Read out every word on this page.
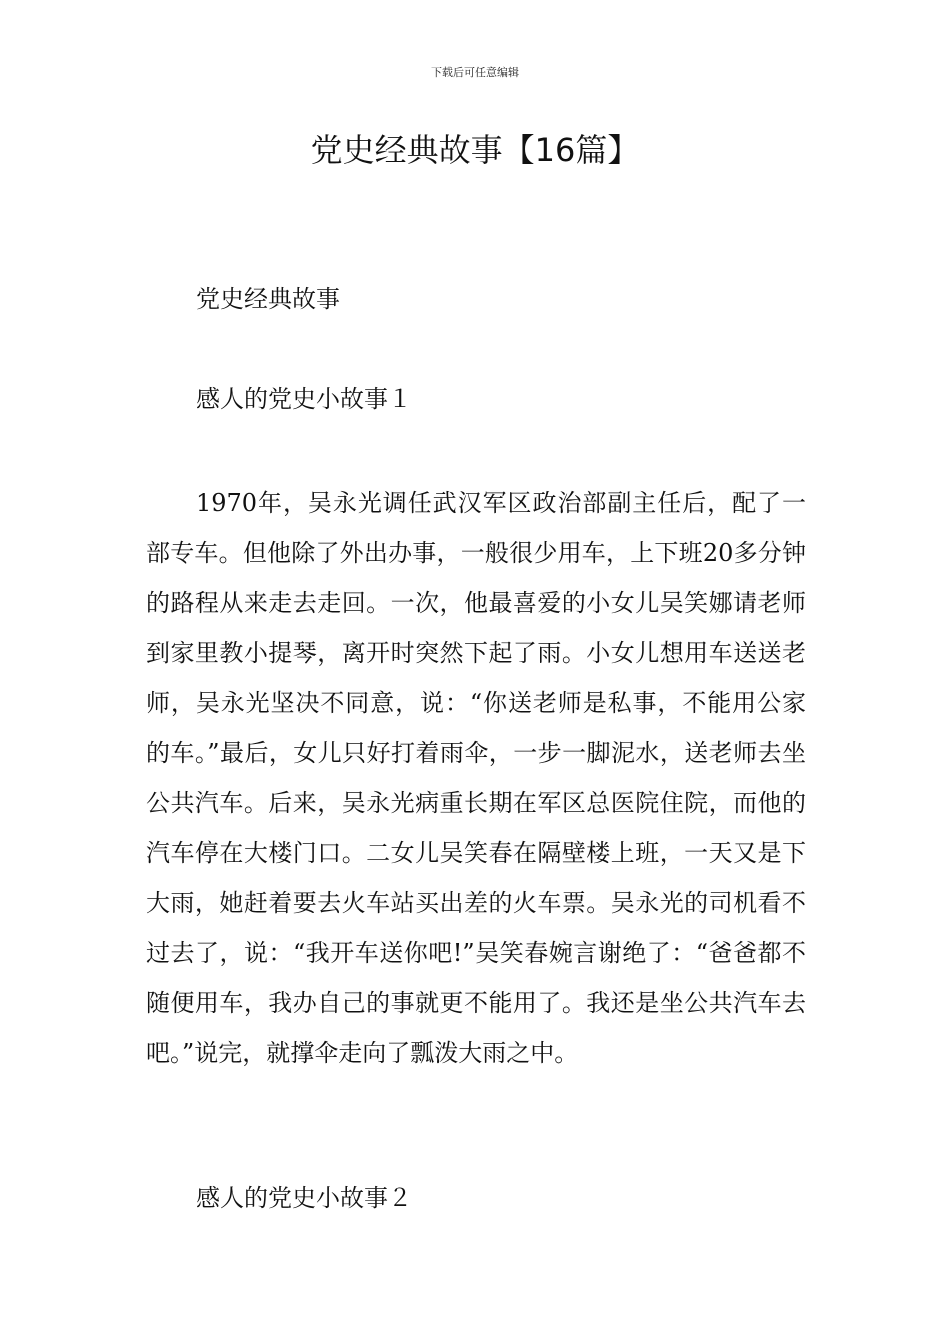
下载后可任意编辑
党史经典故事【16篇】
党史经典故事
感人的党史小故事１

1970年，吴永光调任武汉军区政治部副主任后，配了一部专车。但他除了外出办事，一般很少用车，上下班20多分钟的路程从来走去走回。一次，他最喜爱的小女儿吴笑娜请老师到家里教小提琴，离开时突然下起了雨。小女儿想用车送送老师，吴永光坚决不同意，说：“你送老师是私事，不能用公家的车。”最后，女儿只好打着雨伞，一步一脚泥水，送老师去坐公共汽车。后来，吴永光病重长期在军区总医院住院，而他的汽车停在大楼门口。二女儿吴笑春在隔壁楼上班，一天又是下大雨，她赶着要去火车站买出差的火车票。吴永光的司机看不过去了，说：“我开车送你吧!”吴笑春婉言谢绝了：“爸爸都不随便用车，我办自己的事就更不能用了。我还是坐公共汽车去吧。”说完，就撑伞走向了瓢泼大雨之中。

感人的党史小故事２
